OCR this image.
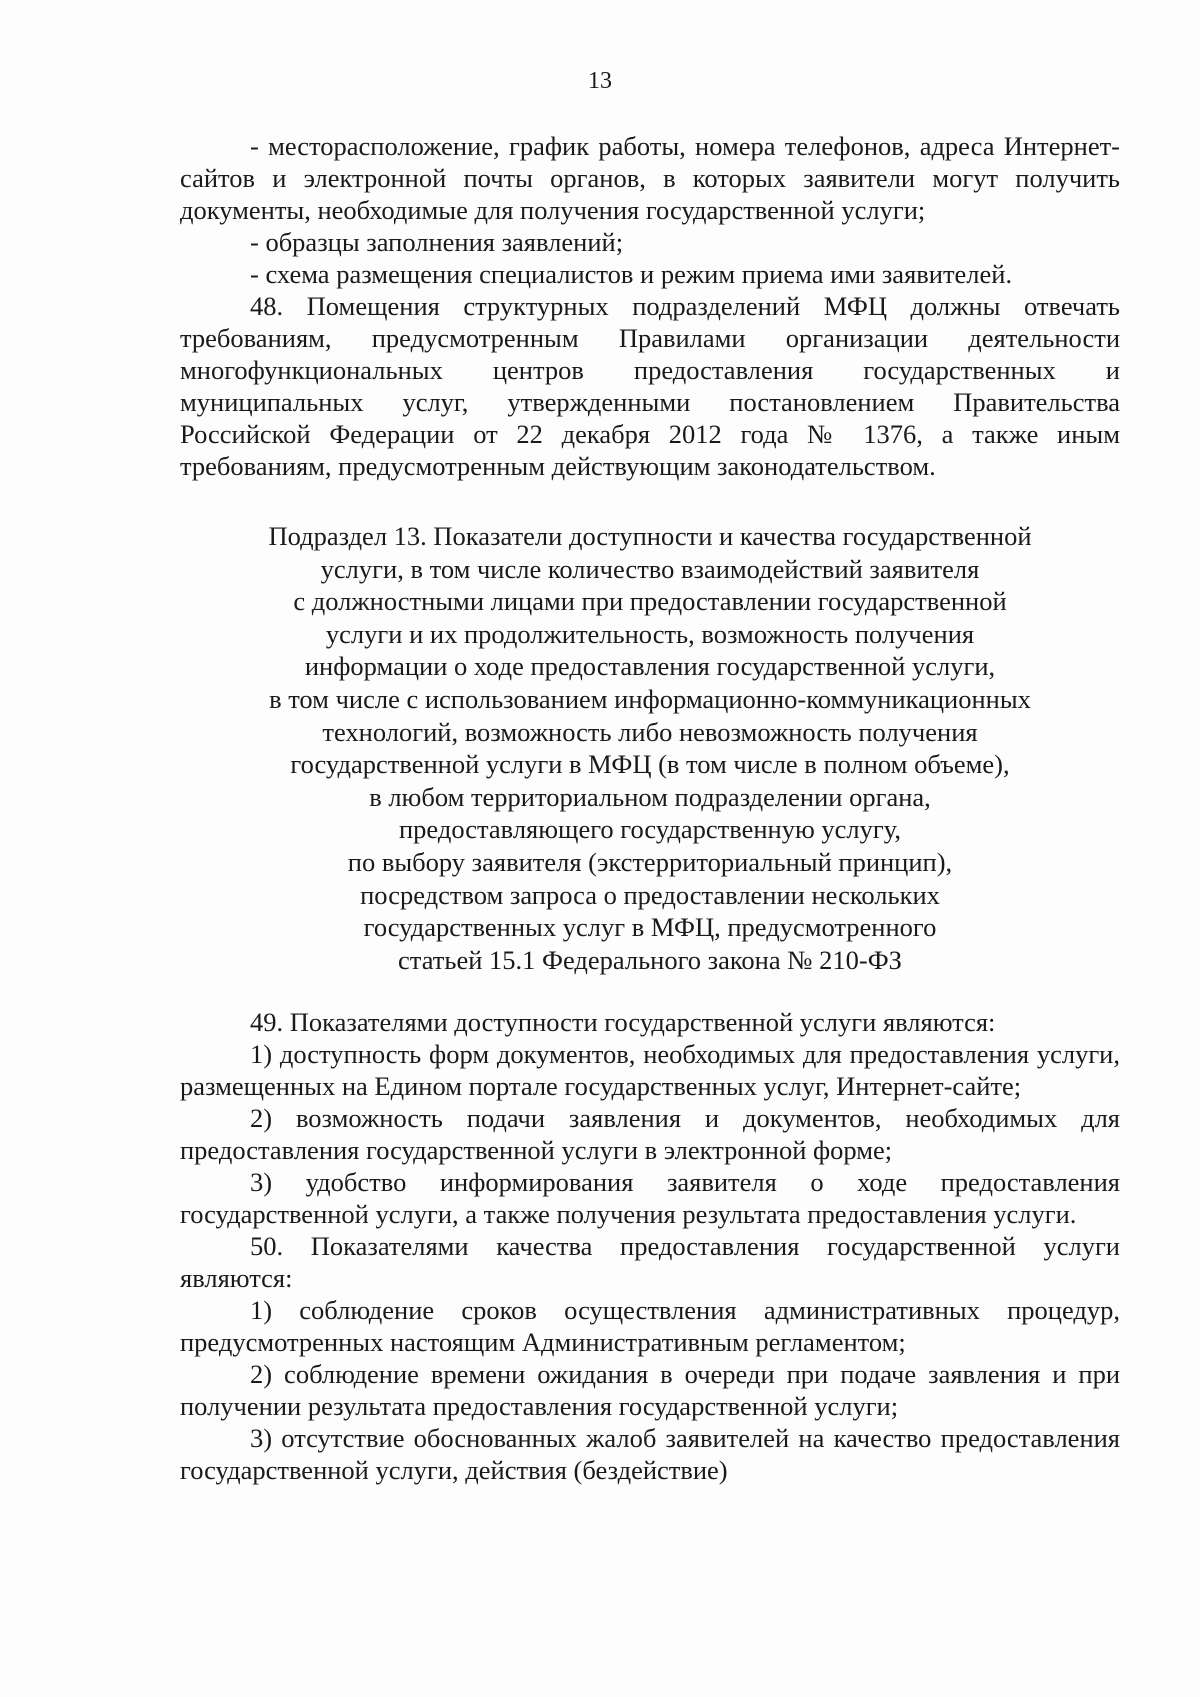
13

- месторасположение, график работы, номера телефонов, адреса Интернет-сайтов и электронной почты органов, в которых заявители могут получить документы, необходимые для получения государственной услуги;

- образцы заполнения заявлений;

- схема размещения специалистов и режим приема ими заявителей.

48. Помещения структурных подразделений МФЦ должны отвечать требованиям, предусмотренным Правилами организации деятельности многофункциональных центров предоставления государственных и муниципальных услуг, утвержденными постановлением Правительства Российской Федерации от 22 декабря 2012 года № 1376, а также иным требованиям, предусмотренным действующим законодательством.

Подраздел 13. Показатели доступности и качества государственной
услуги, в том числе количество взаимодействий заявителя
с должностными лицами при предоставлении государственной
услуги и их продолжительность, возможность получения
информации о ходе предоставления государственной услуги,
в том числе с использованием информационно-коммуникационных
технологий, возможность либо невозможность получения
государственной услуги в МФЦ (в том числе в полном объеме),
в любом территориальном подразделении органа,
предоставляющего государственную услугу,
по выбору заявителя (экстерриториальный принцип),
посредством запроса о предоставлении нескольких
государственных услуг в МФЦ, предусмотренного
статьей 15.1 Федерального закона № 210-ФЗ

49. Показателями доступности государственной услуги являются:

1) доступность форм документов, необходимых для предоставления услуги, размещенных на Едином портале государственных услуг, Интернет-сайте;

2) возможность подачи заявления и документов, необходимых для предоставления государственной услуги в электронной форме;

3) удобство информирования заявителя о ходе предоставления государственной услуги, а также получения результата предоставления услуги.

50. Показателями качества предоставления государственной услуги являются:

1) соблюдение сроков осуществления административных процедур, предусмотренных настоящим Административным регламентом;

2) соблюдение времени ожидания в очереди при подаче заявления и при получении результата предоставления государственной услуги;

3) отсутствие обоснованных жалоб заявителей на качество предоставления государственной услуги, действия (бездействие)
